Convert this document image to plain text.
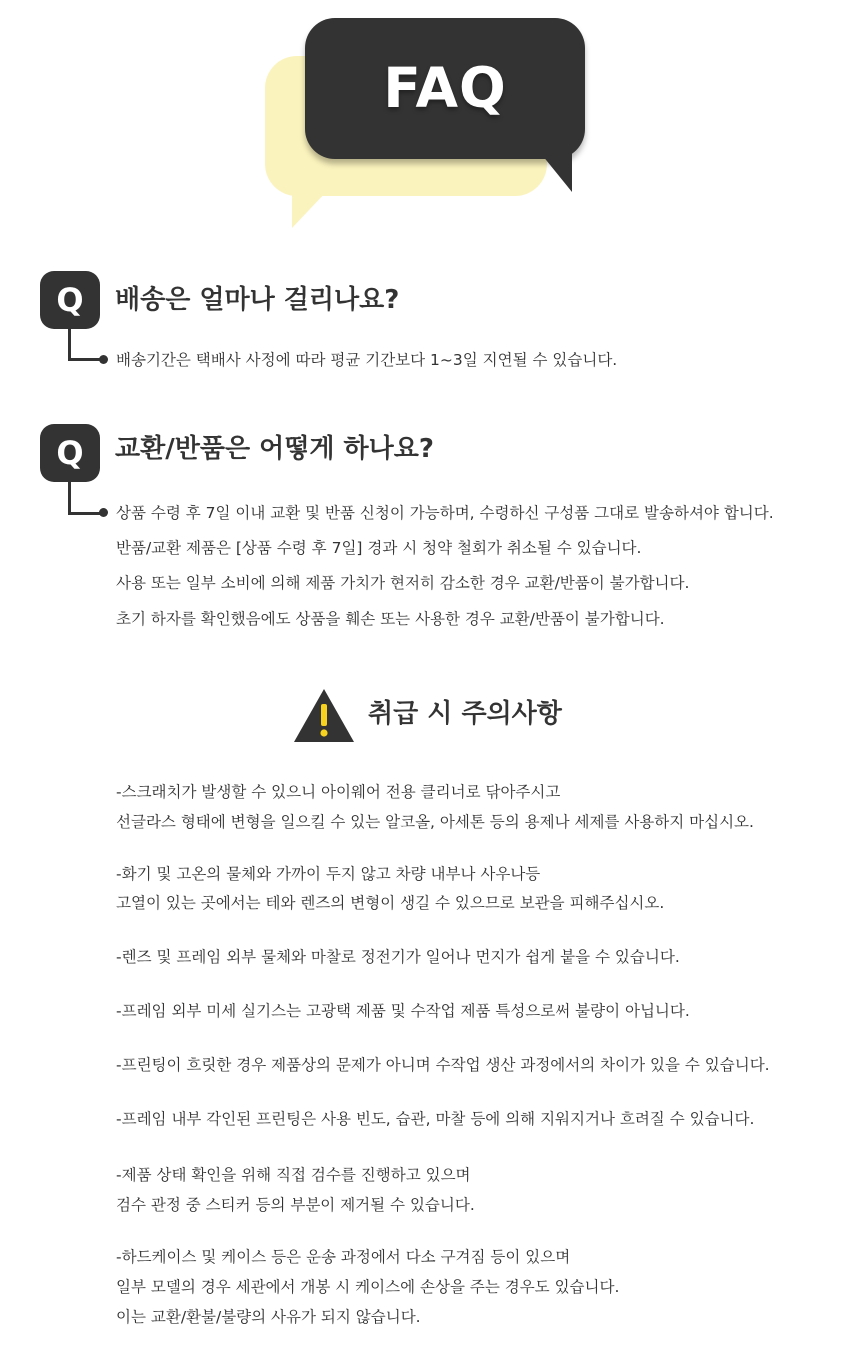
FAQ
Q	배송은 얼마나 걸리나요?
배송기간은 택배사 사정에 따라 평균 기간보다 1~3일 지연될 수 있습니다.
Q	교환/반품은 어떻게 하나요?
상품 수령 후 7일 이내 교환 및 반품 신청이 가능하며, 수령하신 구성품 그대로 발송하셔야 합니다.
반품/교환 제품은 [상품 수령 후 7일] 경과 시 청약 철회가 취소될 수 있습니다.
사용 또는 일부 소비에 의해 제품 가치가 현저히 감소한 경우 교환/반품이 불가합니다.
초기 하자를 확인했음에도 상품을 훼손 또는 사용한 경우 교환/반품이 불가합니다.
취급 시 주의사항
-스크래치가 발생할 수 있으니 아이웨어 전용 클리너로 닦아주시고
선글라스 형태에 변형을 일으킬 수 있는 알코올, 아세톤 등의 용제나 세제를 사용하지 마십시오.
-화기 및 고온의 물체와 가까이 두지 않고 차량 내부나 사우나등
고열이 있는 곳에서는 테와 렌즈의 변형이 생길 수 있으므로 보관을 피해주십시오.
-렌즈 및 프레임 외부 물체와 마찰로 정전기가 일어나 먼지가 쉽게 붙을 수 있습니다.
-프레임 외부 미세 실기스는 고광택 제품 및 수작업 제품 특성으로써 불량이 아닙니다.
-프린팅이 흐릿한 경우 제품상의 문제가 아니며 수작업 생산 과정에서의 차이가 있을 수 있습니다.
-프레임 내부 각인된 프린팅은 사용 빈도, 습관, 마찰 등에 의해 지워지거나 흐려질 수 있습니다.
-제품 상태 확인을 위해 직접 검수를 진행하고 있으며
검수 관정 중 스티커 등의 부분이 제거될 수 있습니다.
-하드케이스 및 케이스 등은 운송 과정에서 다소 구겨짐 등이 있으며
일부 모델의 경우 세관에서 개봉 시 케이스에 손상을 주는 경우도 있습니다.
이는 교환/환불/불량의 사유가 되지 않습니다.
